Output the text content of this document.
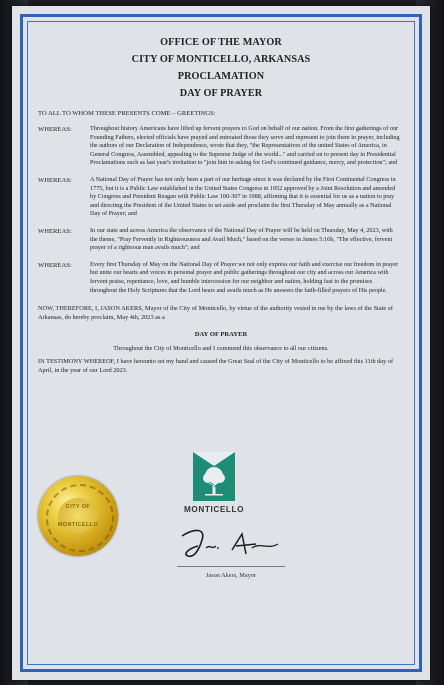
OFFICE OF THE MAYOR
CITY OF MONTICELLO, ARKANSAS
PROCLAMATION
DAY OF PRAYER
TO ALL TO WHOM THESE PRESENTS COME – GREETINGS:
WHEREAS:	Throughout history Americans have lifted up fervent prayers to God on behalf of our nation. From the first gatherings of our Founding Fathers, elected officials have prayed and entreated those they serve and represent to join them in prayer, including the authors of our Declaration of Independence, wrote that they, "the Representatives of the united States of America, in General Congress, Assembled, appealing to the Supreme Judge of the world..." and carried on to present day in Presidential Proclamations such as last year's invitation to "join him in asking for God's continued guidance, mercy, and protection"; and
WHEREAS:	A National Day of Prayer has not only been a part of our heritage since it was declared by the First Continental Congress in 1775, but it is a Public Law established in the United States Congress in 1952 approved by a Joint Resolution and amended by Congress and President Reagan with Public Law 100-307 in 1988, affirming that it is essential for us as a nation to pray and directing the President of the United States to set aside and proclaim the first Thursday of May annually as a National Day of Prayer; and
WHEREAS:	In our state and across America the observance of the National Day of Prayer will be held on Thursday, May 4, 2023, with the theme, "Pray Fervently in Righteousness and Avail Much," based on the verses in James 5:16b, "The effective, fervent prayer of a righteous man avails much"; and
WHEREAS:	Every first Thursday of May on the National Day of Prayer we not only express our faith and exercise our freedom in prayer but unite our hearts and voices in personal prayer and public gatherings throughout our city and across our America with fervent praise, repentance, love, and humble intercession for our neighbor and nation, holding fast to the promises throughout the Holy Scriptures that the Lord hears and avails much as He answers the faith-filled prayers of His people.
NOW, THEREFORE, I, JASON AKERS, Mayor of the City of Monticello, by virtue of the authority vested in me by the laws of the State of Arkansas, do hereby proclaim, May 4th, 2023 as a
DAY OF PRAYER
Throughout the City of Monticello and I commend this observance to all our citizens.
IN TESTIMONY WHEREOF, I have hereunto set my hand and caused the Great Seal of the City of Monticello to be affixed this 11th day of April, in the year of our Lord 2023.
MONTICELLO
CITY OF
MONTICELLO
Jason Akers, Mayor
